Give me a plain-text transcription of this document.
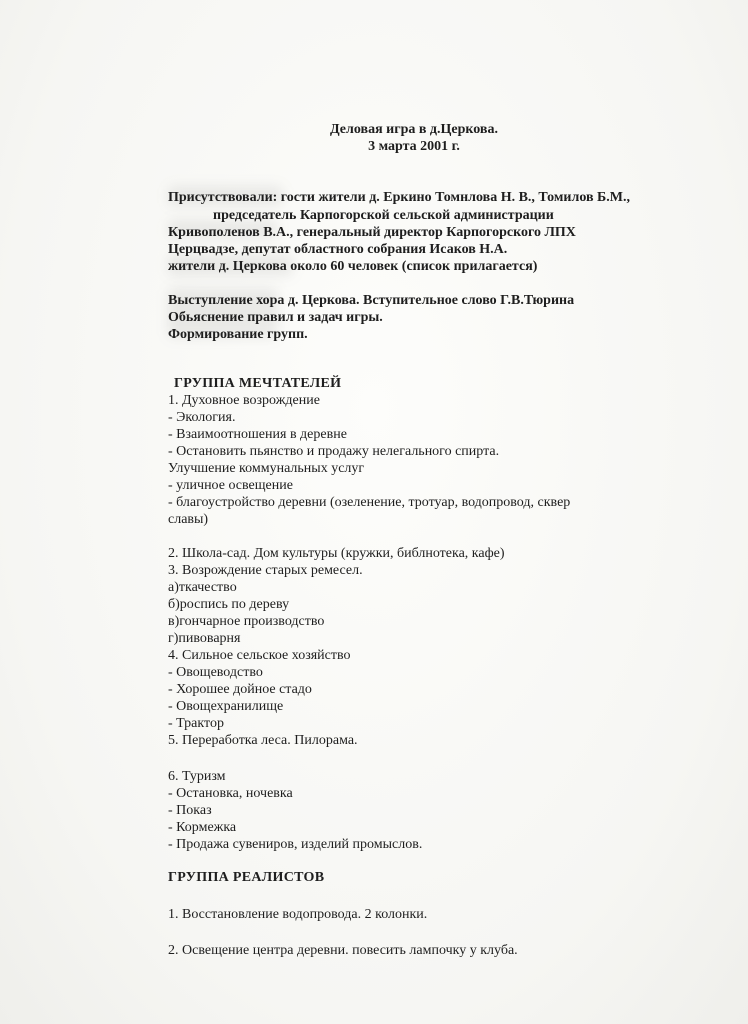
Деловая игра в д.Церкова.
3 марта 2001 г.
Присутствовали: гости жители д. Еркино Томнлова Н. В., Томилов Б.М.,
председатель Карпогорской сельской администрации
Кривополенов В.А., генеральный директор Карпогорского ЛПХ
Церцвадзе, депутат областного собрания Исаков Н.А.
жители д. Церкова около 60 человек (список прилагается)
Выступление хора д. Церкова. Вступительное слово Г.В.Тюрина
Обьяснение правил и задач игры.
Формирование групп.
ГРУППА МЕЧТАТЕЛЕЙ
1. Духовное возрождение
- Экология.
- Взаимоотношения в деревне
- Остановить пьянство и продажу нелегального спирта.
Улучшение коммунальных услуг
- уличное освещение
- благоустройство деревни (озеленение, тротуар, водопровод, сквер
славы)
2. Школа-сад. Дом культуры (кружки, библнотека, кафе)
3. Возрождение старых ремесел.
а)ткачество
б)роспись по дереву
в)гончарное производство
г)пивоварня
4. Сильное сельское хозяйство
- Овощеводство
- Хорошее дойное стадо
- Овощехранилище
- Трактор
5. Переработка леса. Пилорама.
6. Туризм
- Остановка, ночевка
- Показ
- Кормежка
- Продажа сувениров, изделий промыслов.
ГРУППА РЕАЛИСТОВ
1. Восстановление водопровода. 2 колонки.
2. Освещение центра деревни. повесить лампочку у клуба.
